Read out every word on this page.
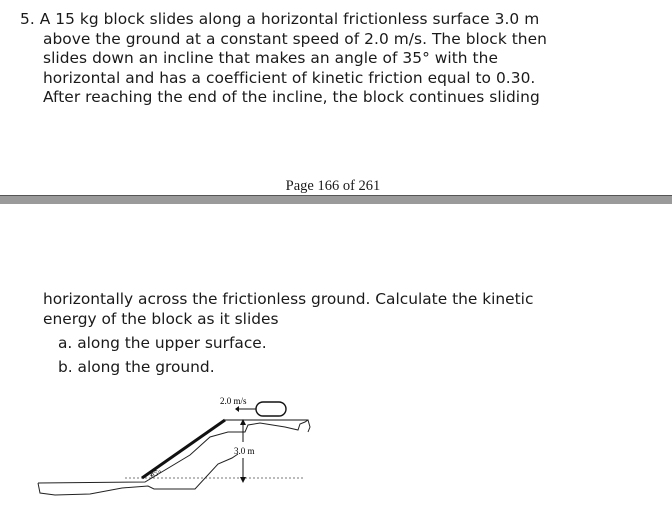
5. A 15 kg block slides along a horizontal frictionless surface 3.0 m
above the ground at a constant speed of 2.0 m/s. The block then
slides down an incline that makes an angle of 35° with the
horizontal and has a coefficient of kinetic friction equal to 0.30.
After reaching the end of the incline, the block continues sliding
Page 166 of 261
horizontally across the frictionless ground. Calculate the kinetic
energy of the block as it slides
a. along the upper surface.
b. along the ground.
2.0 m/s
3.0 m
35°
